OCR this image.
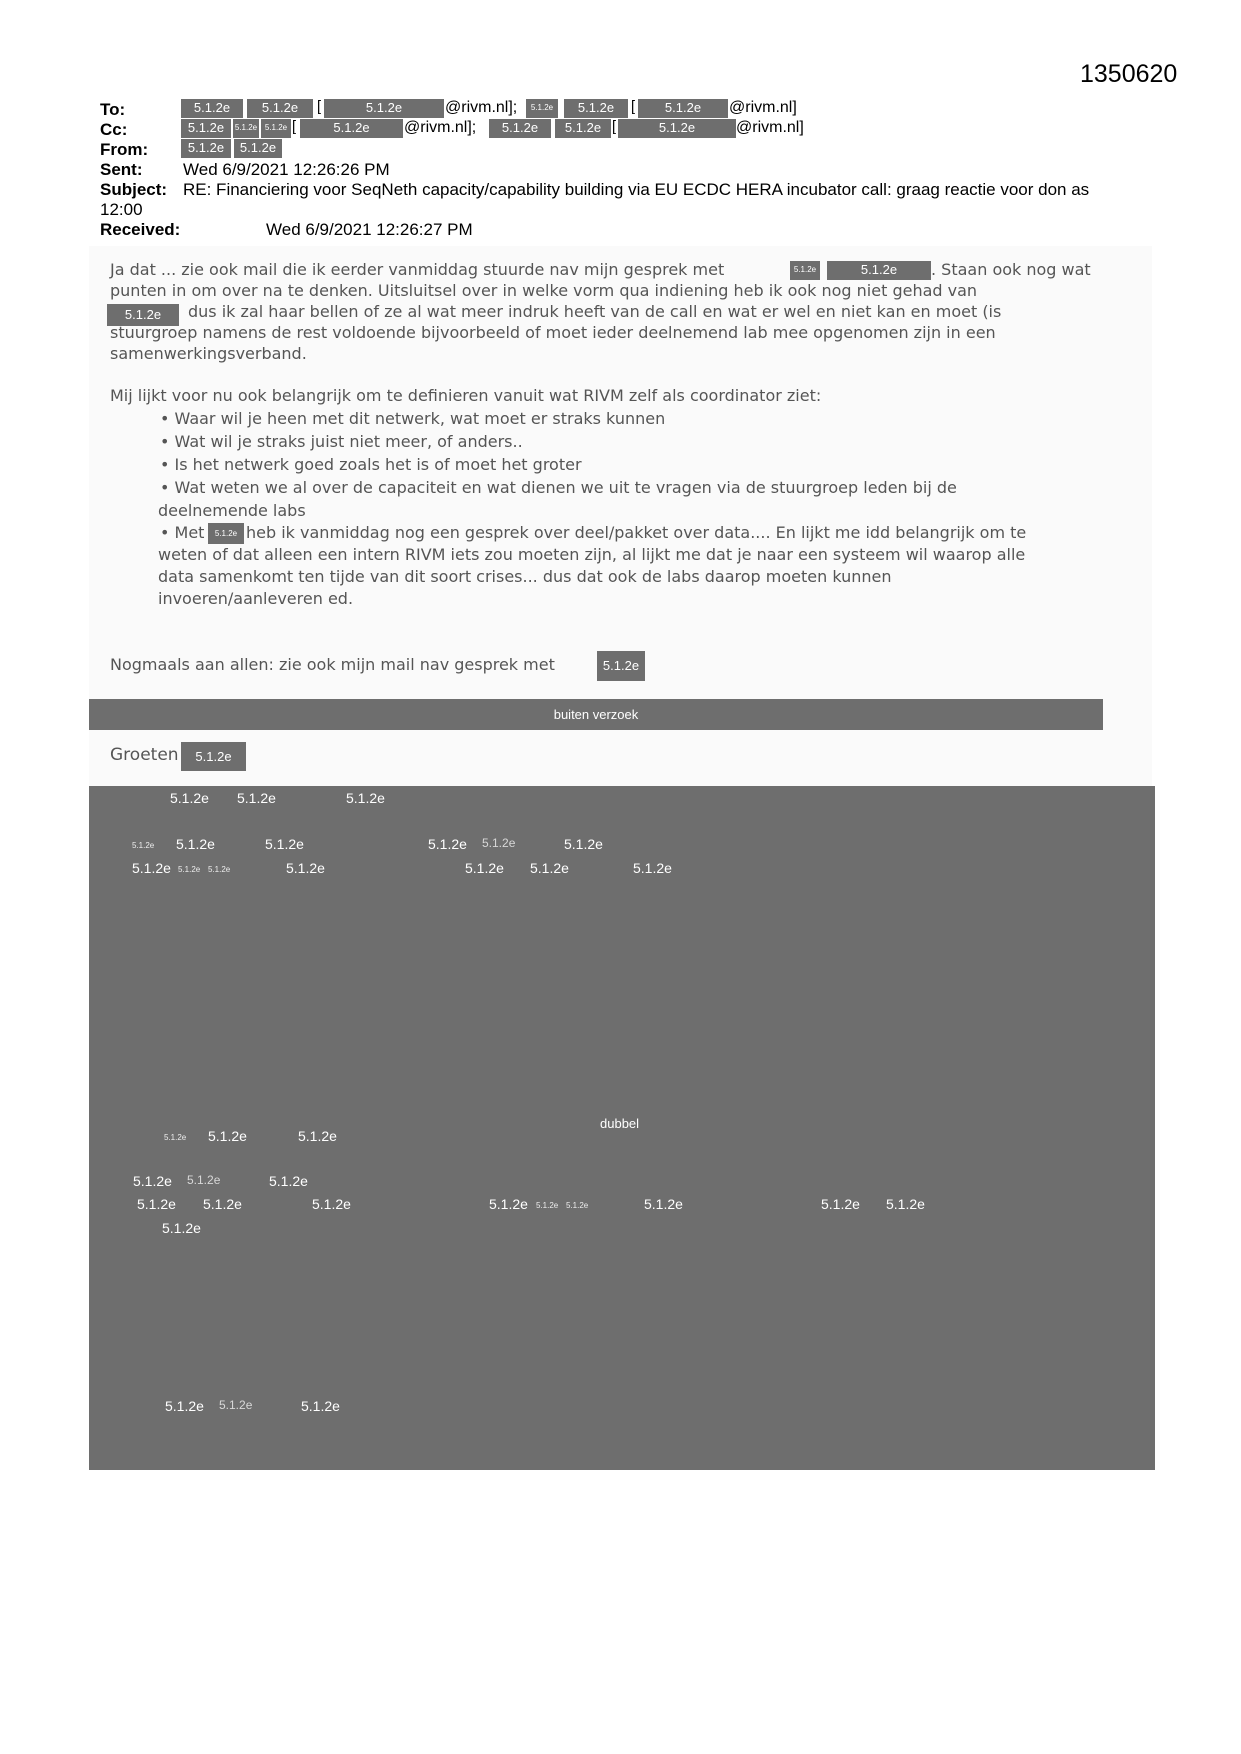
1350620
To:	5.1.2e	5.1.2e	[	5.1.2e	@rivm.nl];	5.1.2e	5.1.2e	[	5.1.2e	@rivm.nl]
Cc:	5.1.2e	5.1.2e 5.1.2e [	5.1.2e	@rivm.nl];	5.1.2e	5.1.2e [	5.1.2e	@rivm.nl]
From:	5.1.2e	5.1.2e
Sent: Wed 6/9/2021 12:26:26 PM
Subject: RE: Financiering voor SeqNeth capacity/capability building via EU ECDC HERA incubator call: graag reactie voor don as
12:00
Received:	Wed 6/9/2021 12:26:27 PM
Ja dat ... zie ook mail die ik eerder vanmiddag stuurde nav mijn gesprek met	5.1.2e	5.1.2e	. Staan ook nog wat
punten in om over na te denken. Uitsluitsel over in welke vorm qua indiening heb ik ook nog niet gehad van
5.1.2e	dus ik zal haar bellen of ze al wat meer indruk heeft van de call en wat er wel en niet kan en moet (is
stuurgroep namens de rest voldoende bijvoorbeeld of moet ieder deelnemend lab mee opgenomen zijn in een
samenwerkingsverband.
Mij lijkt voor nu ook belangrijk om te definieren vanuit wat RIVM zelf als coordinator ziet:
• Waar wil je heen met dit netwerk, wat moet er straks kunnen
• Wat wil je straks juist niet meer, of anders..
• Is het netwerk goed zoals het is of moet het groter
• Wat weten we al over de capaciteit en wat dienen we uit te vragen via de stuurgroep leden bij de
deelnemende labs
• Met	5.1.2e heb ik vanmiddag nog een gesprek over deel/pakket over data.... En lijkt me idd belangrijk om te
weten of dat alleen een intern RIVM iets zou moeten zijn, al lijkt me dat je naar een systeem wil waarop alle
data samenkomt ten tijde van dit soort crises... dus dat ook de labs daarop moeten kunnen
invoeren/aanleveren ed.
Nogmaals aan allen: zie ook mijn mail nav gesprek met	5.1.2e
buiten verzoek
Groeten	5.1.2e
5.1.2e 5.1.2e	5.1.2e
5.1.2e 5.1.2e	5.1.2e	5.1.2e 5.1.2e	5.1.2e
5.1.2e 5.1.2e 5.1.2e	5.1.2e	5.1.2e 5.1.2e	5.1.2e
dubbel
5.1.2e 5.1.2e	5.1.2e
5.1.2e 5.1.2e	5.1.2e
5.1.2e 5.1.2e	5.1.2e	5.1.2e 5.1.2e 5.1.2e	5.1.2e	5.1.2e 5.1.2e
5.1.2e
5.1.2e 5.1.2e	5.1.2e
